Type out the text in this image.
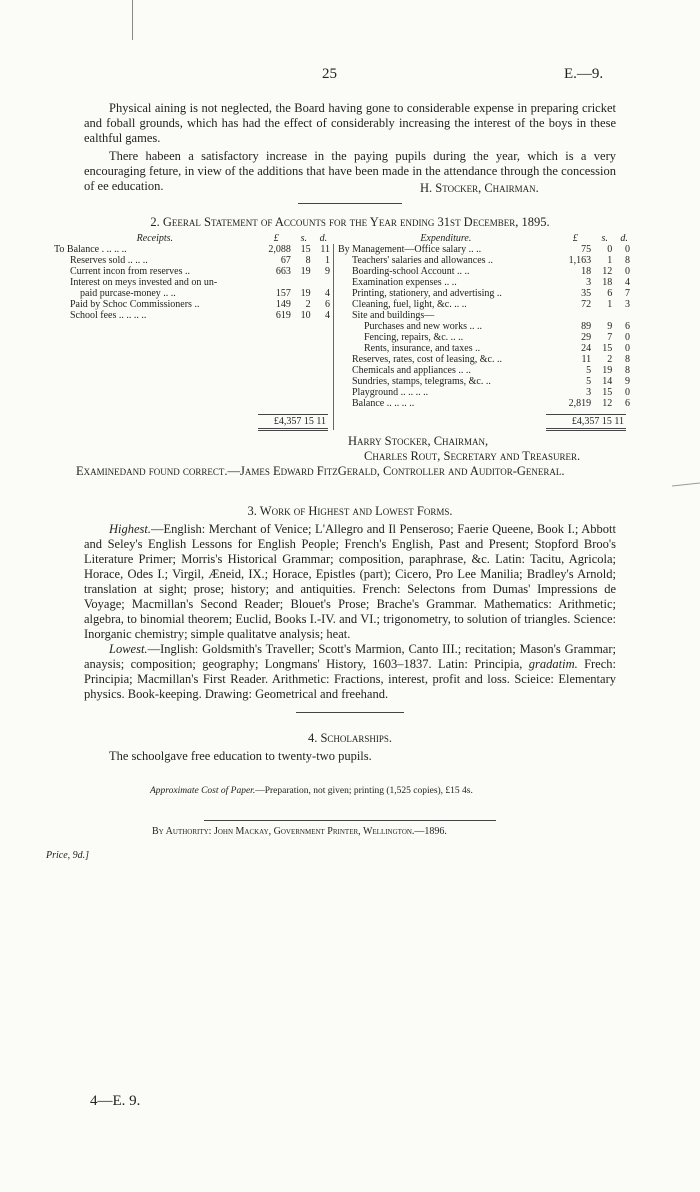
25	E.—9.

Physical aining is not neglected, the Board having gone to considerable expense in preparing cricket and foball grounds, which has had the effect of considerably increasing the interest of the boys in these ealthful games.

There habeen a satisfactory increase in the paying pupils during the year, which is a very encouraging feture, in view of the additions that have been made in the attendance through the concession of ee education.	H. Stocker, Chairman.
2. Geeral Statement of Accounts for the Year ending 31st December, 1895.
Receipts.	£	s.	d.
To Balance . .. .. ..	2,088	15	11
Reserves sold .. .. ..	67	8	1
Current incon from reserves ..	663	19	9
Interest on meys invested and on un-			
paid purcase-money .. ..	157	19	4
Paid by Schoc Commissioners ..	149	2	6
School fees .. .. .. ..	619	10	4
£4,357 15 11
Expenditure.	£	s.	d.
By Management—Office salary .. ..	75	0	0
Teachers' salaries and allowances ..	1,163	1	8
Boarding-school Account .. ..	18	12	0
Examination expenses .. ..	3	18	4
Printing, stationery, and advertising ..	35	6	7
Cleaning, fuel, light, &c. .. ..	72	1	3
Site and buildings—			
Purchases and new works .. ..	89	9	6
Fencing, repairs, &c. .. ..	29	7	0
Rents, insurance, and taxes ..	24	15	0
Reserves, rates, cost of leasing, &c. ..	11	2	8
Chemicals and appliances .. ..	5	19	8
Sundries, stamps, telegrams, &c. ..	5	14	9
Playground .. .. .. ..	3	15	0
Balance .. .. .. ..	2,819	12	6
£4,357 15 11
Harry Stocker, Chairman,
Charles Rout, Secretary and Treasurer.
Examinedand found correct.—James Edward FitzGerald, Controller and Auditor-General.
3. Work of Highest and Lowest Forms.

Highest.—English: Merchant of Venice; L'Allegro and Il Penseroso; Faerie Queene, Book I.; Abbott and Seley's English Lessons for English People; French's English, Past and Present; Stopford Broo's Literature Primer; Morris's Historical Grammar; composition, paraphrase, &c. Latin: Tacitu, Agricola; Horace, Odes I.; Virgil, Æneid, IX.; Horace, Epistles (part); Cicero, Pro Lee Manilia; Bradley's Arnold; translation at sight; prose; history; and antiquities. French: Selectons from Dumas' Impressions de Voyage; Macmillan's Second Reader; Blouet's Prose; Brache's Grammar. Mathematics: Arithmetic; algebra, to binomial theorem; Euclid, Books I.-IV. and VI.; trigonometry, to solution of triangles. Science: Inorganic chemistry; simple qualitatve analysis; heat.

Lowest.—Inglish: Goldsmith's Traveller; Scott's Marmion, Canto III.; recitation; Mason's Grammar; anaysis; composition; geography; Longmans' History, 1603–1837. Latin: Principia, gradatim. Frech: Principia; Macmillan's First Reader. Arithmetic: Fractions, interest, profit and loss. Scieice: Elementary physics. Book-keeping. Drawing: Geometrical and freehand.

4. Scholarships.

The schoolgave free education to twenty-two pupils.

Approximate Cost of Paper.—Preparation, not given; printing (1,525 copies), £15 4s.
By Authority: John Mackay, Government Printer, Wellington.—1896.
Price, 9d.]
4—E. 9.
